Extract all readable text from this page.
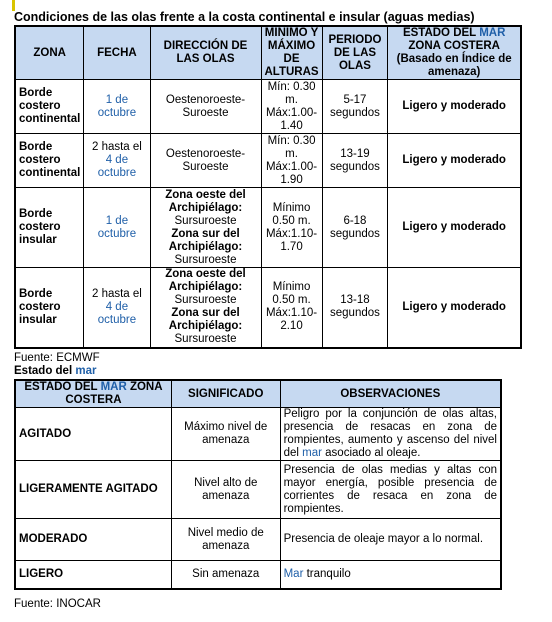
Condiciones de las olas frente a la costa continental e insular (aguas medias)
ZONA	FECHA	DIRECCIÓN DE LAS OLAS	MÍNIMO Y MÁXIMO DE ALTURAS	PERIODO DE LAS OLAS	ESTADO DEL MAR ZONA COSTERA (Basado en Índice de amenaza)
Borde costero continental	1 de octubre	Oestenoroeste-Suroeste	Mín: 0.30 m. Máx:1.00-1.40	5-17 segundos	Ligero y moderado
Borde costero continental	2 hasta el 4 de octubre	Oestenoroeste-Suroeste	Mín: 0.30 m. Máx:1.00-1.90	13-19 segundos	Ligero y moderado
Borde costero insular	1 de octubre	Zona oeste del Archipiélago:
Sursuroeste
Zona sur del Archipiélago:
Sursuroeste	Mínimo 0.50 m. Máx:1.10-1.70	6-18 segundos	Ligero y moderado
Borde costero insular	2 hasta el 4 de octubre	Zona oeste del Archipiélago:
Sursuroeste
Zona sur del Archipiélago:
Sursuroeste	Mínimo 0.50 m. Máx:1.10-2.10	13-18 segundos	Ligero y moderado
Fuente: ECMWF
Estado del mar
ESTADO DEL MAR ZONA COSTERA	SIGNIFICADO	OBSERVACIONES
AGITADO	Máximo nivel de amenaza	Peligro por la conjunción de olas altas, presencia de resacas en zona de rompientes, aumento y ascenso del nivel del mar asociado al oleaje.
LIGERAMENTE AGITADO	Nivel alto de amenaza	Presencia de olas medias y altas con mayor energía, posible presencia de corrientes de resaca en zona de rompientes.
MODERADO	Nivel medio de amenaza	Presencia de oleaje mayor a lo normal.
LIGERO	Sin amenaza	Mar tranquilo
Fuente: INOCAR
